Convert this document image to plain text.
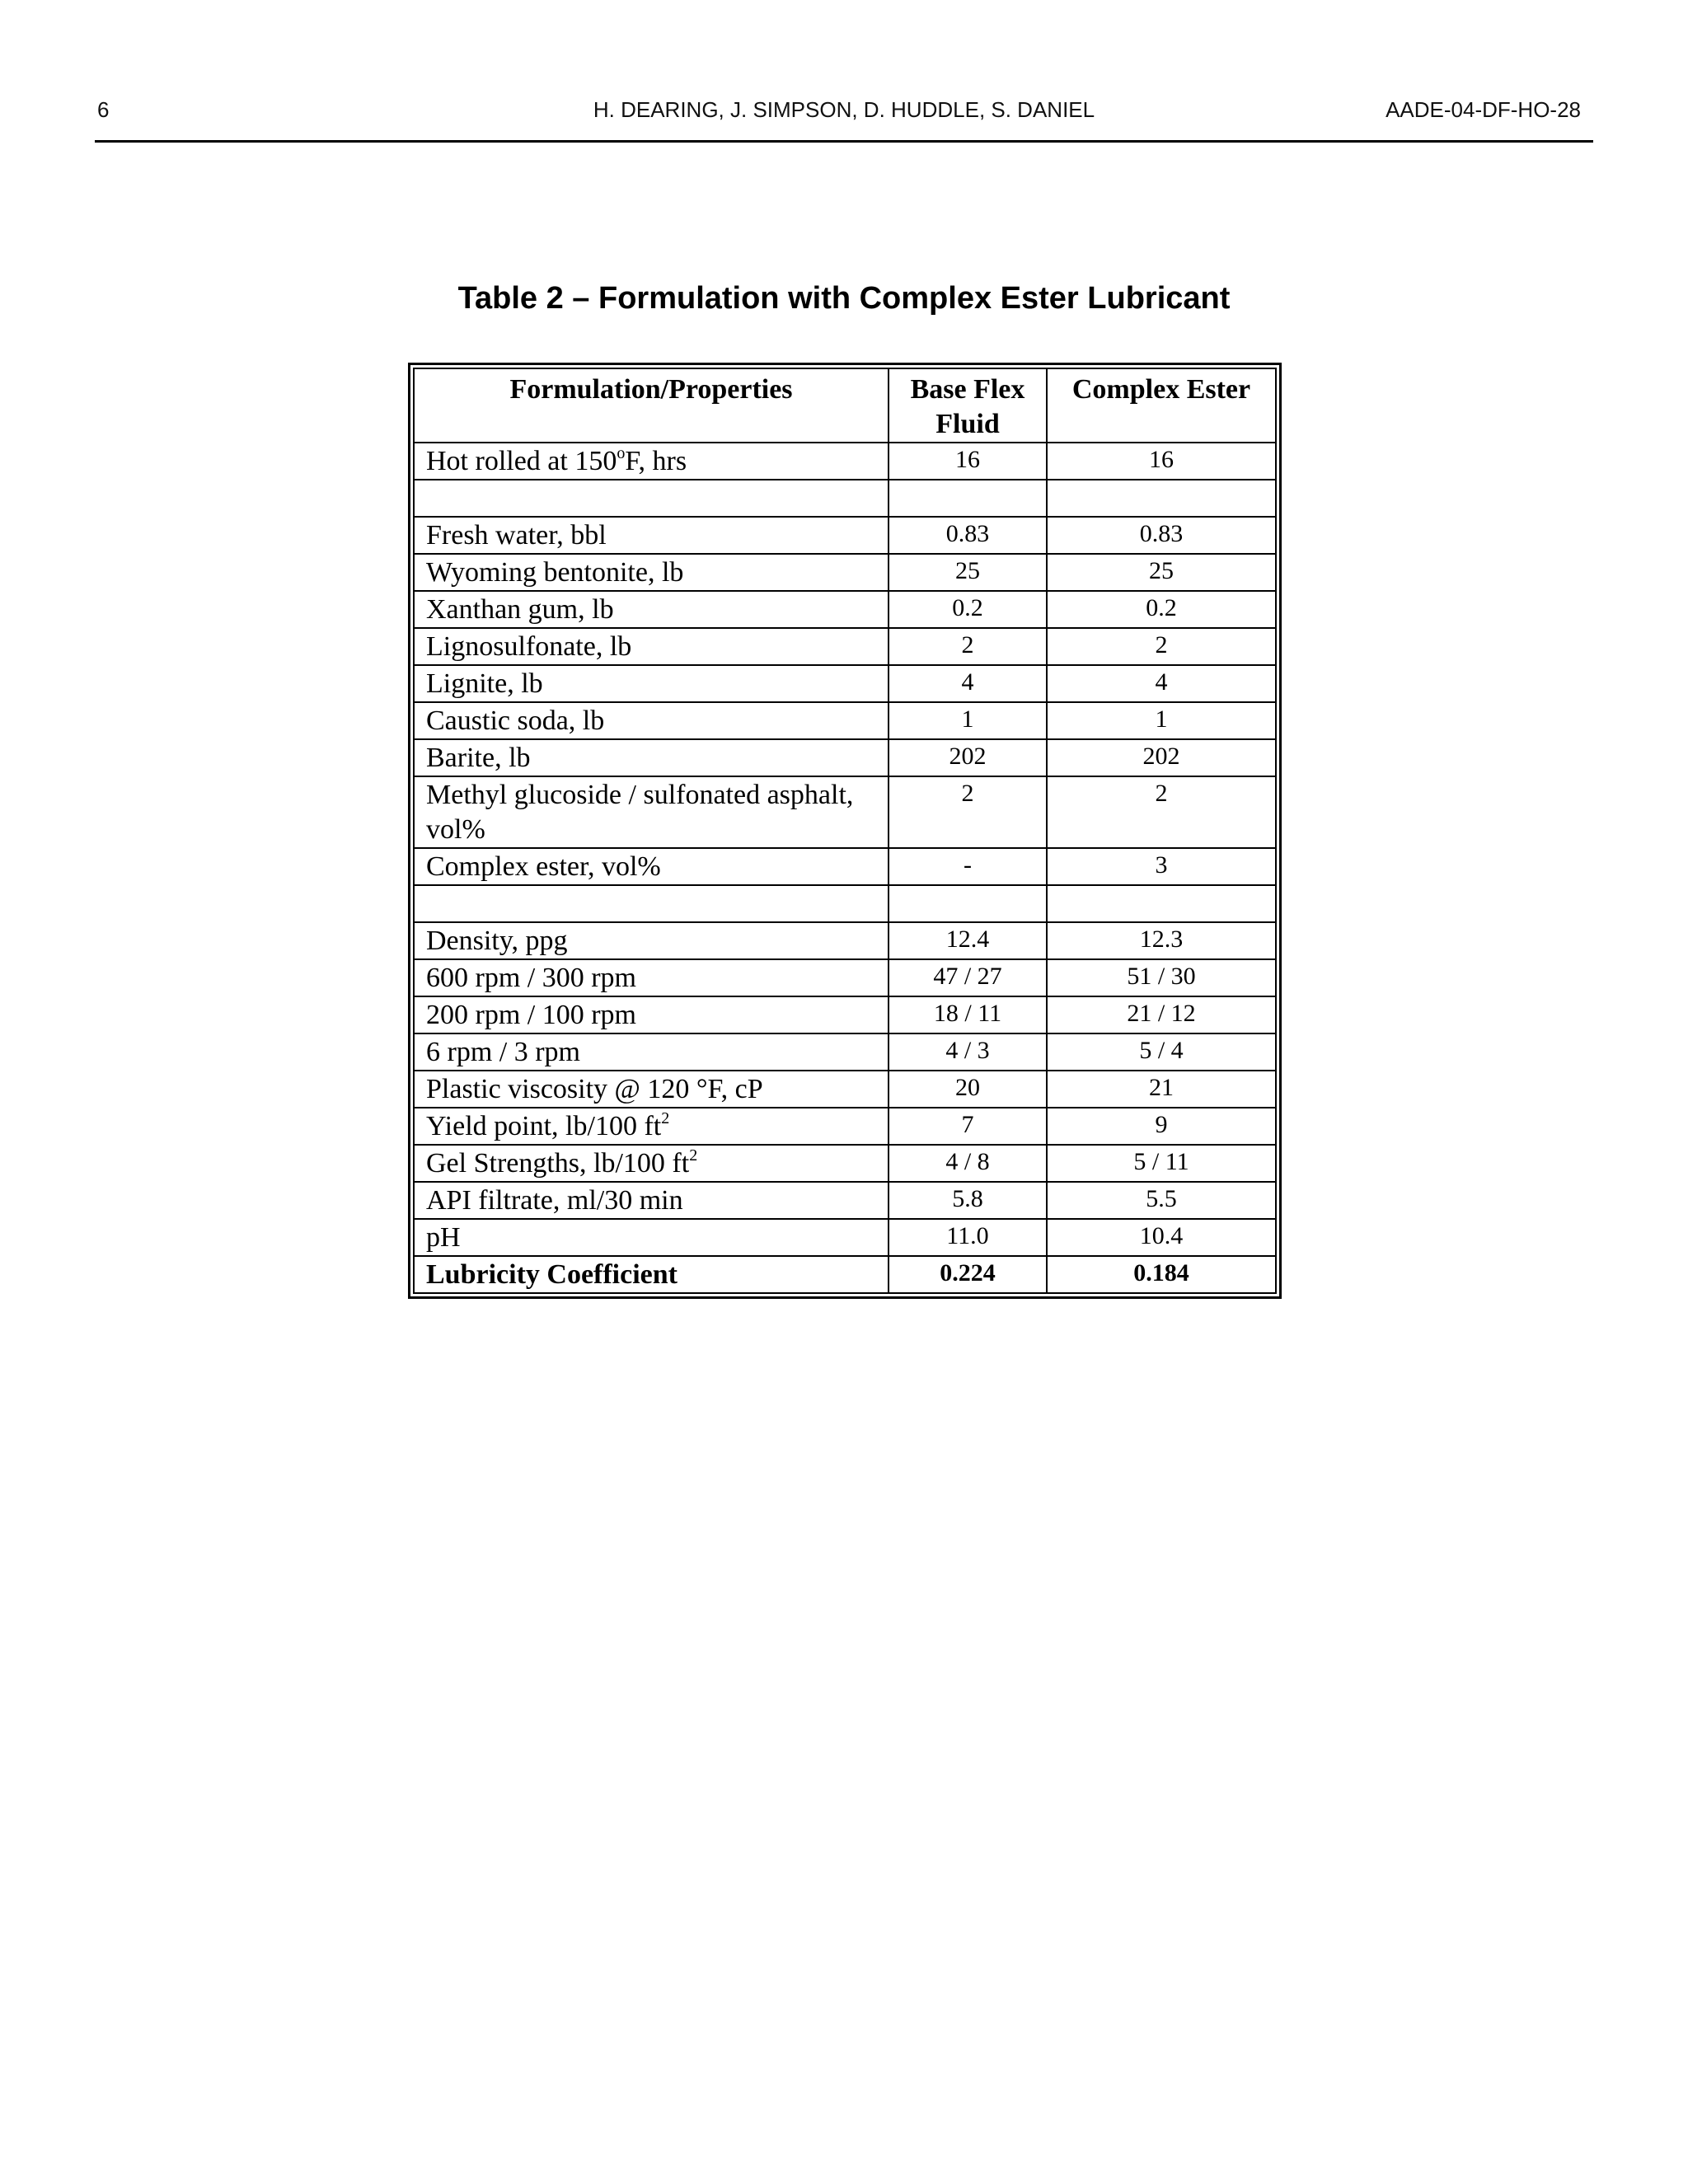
6	H. DEARING, J. SIMPSON, D. HUDDLE, S. DANIEL	AADE-04-DF-HO-28
Table 2 – Formulation with Complex Ester Lubricant
Formulation/Properties	Base Flex Fluid	Complex Ester
Hot rolled at 150$^o$F, hrs	16	16

Fresh water, bbl	0.83	0.83
Wyoming bentonite, lb	25	25
Xanthan gum, lb	0.2	0.2
Lignosulfonate, lb	2	2
Lignite, lb	4	4
Caustic soda, lb	1	1
Barite, lb	202	202
Methyl glucoside / sulfonated asphalt, vol%	2	2
Complex ester, vol%	-	3

Density, ppg	12.4	12.3
600 rpm / 300 rpm	47 / 27	51 / 30
200 rpm / 100 rpm	18 / 11	21 / 12
6 rpm / 3 rpm	4 / 3	5 / 4
Plastic viscosity @ 120 °F, cP	20	21
Yield point, lb/100 $ft^2$	7	9
Gel Strengths, lb/100 $ft^2$	4 / 8	5 / 11
API filtrate, ml/30 min	5.8	5.5
pH	11.0	10.4
Lubricity Coefficient	0.224	0.184
